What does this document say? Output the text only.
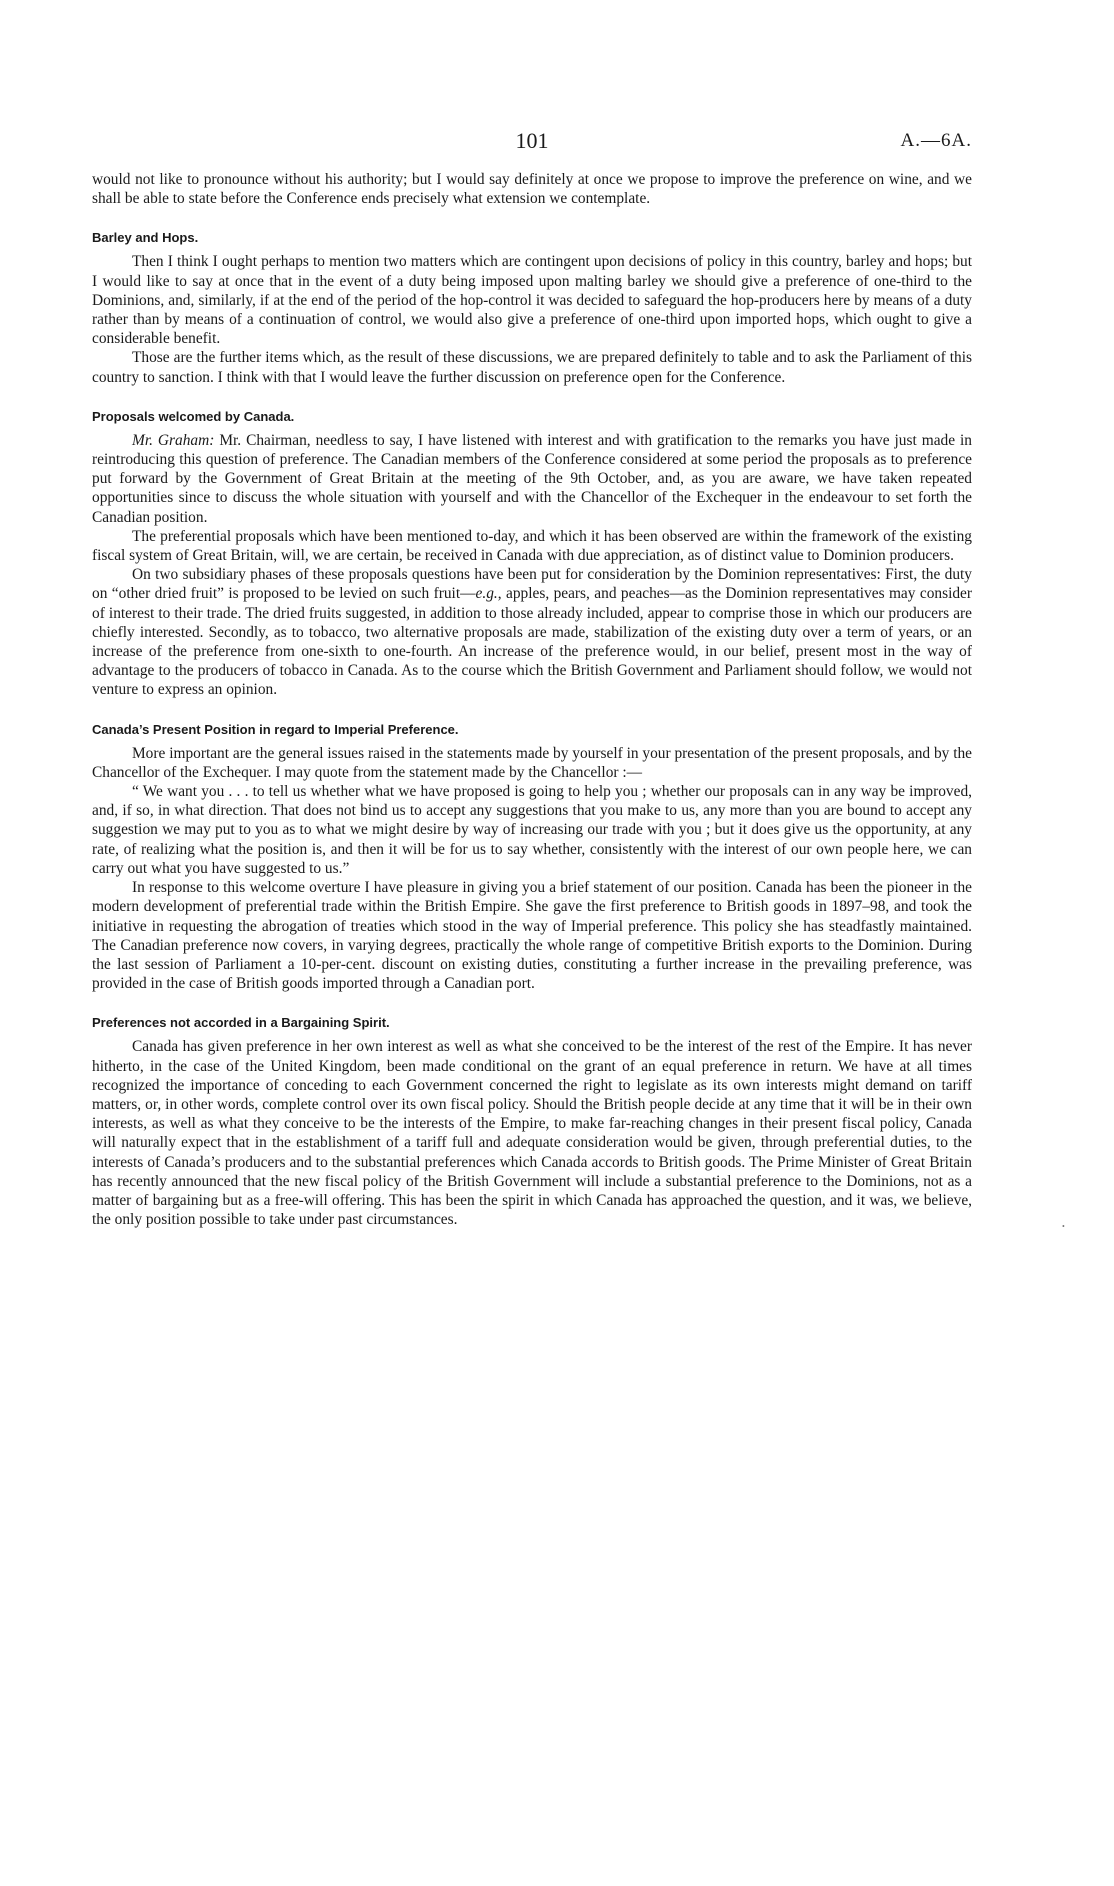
101	A.—6A.

would not like to pronounce without his authority; but I would say definitely at once we propose to improve the preference on wine, and we shall be able to state before the Conference ends precisely what extension we contemplate.

Barley and Hops.

Then I think I ought perhaps to mention two matters which are contingent upon decisions of policy in this country, barley and hops; but I would like to say at once that in the event of a duty being imposed upon malting barley we should give a preference of one-third to the Dominions, and, similarly, if at the end of the period of the hop-control it was decided to safeguard the hop-producers here by means of a duty rather than by means of a continuation of control, we would also give a preference of one-third upon imported hops, which ought to give a considerable benefit.

Those are the further items which, as the result of these discussions, we are prepared definitely to table and to ask the Parliament of this country to sanction. I think with that I would leave the further discussion on preference open for the Conference.

Proposals welcomed by Canada.

Mr. Graham: Mr. Chairman, needless to say, I have listened with interest and with gratification to the remarks you have just made in reintroducing this question of preference. The Canadian members of the Conference considered at some period the proposals as to preference put forward by the Government of Great Britain at the meeting of the 9th October, and, as you are aware, we have taken repeated opportunities since to discuss the whole situation with yourself and with the Chancellor of the Exchequer in the endeavour to set forth the Canadian position.

The preferential proposals which have been mentioned to-day, and which it has been observed are within the framework of the existing fiscal system of Great Britain, will, we are certain, be received in Canada with due appreciation, as of distinct value to Dominion producers.

On two subsidiary phases of these proposals questions have been put for consideration by the Dominion representatives: First, the duty on “other dried fruit” is proposed to be levied on such fruit—e.g., apples, pears, and peaches—as the Dominion representatives may consider of interest to their trade. The dried fruits suggested, in addition to those already included, appear to comprise those in which our producers are chiefly interested. Secondly, as to tobacco, two alternative proposals are made, stabilization of the existing duty over a term of years, or an increase of the preference from one-sixth to one-fourth. An increase of the preference would, in our belief, present most in the way of advantage to the producers of tobacco in Canada. As to the course which the British Government and Parliament should follow, we would not venture to express an opinion.

Canada’s Present Position in regard to Imperial Preference.

More important are the general issues raised in the statements made by yourself in your presentation of the present proposals, and by the Chancellor of the Exchequer. I may quote from the statement made by the Chancellor :—

“ We want you . . . to tell us whether what we have proposed is going to help you ; whether our proposals can in any way be improved, and, if so, in what direction. That does not bind us to accept any suggestions that you make to us, any more than you are bound to accept any suggestion we may put to you as to what we might desire by way of increasing our trade with you ; but it does give us the opportunity, at any rate, of realizing what the position is, and then it will be for us to say whether, consistently with the interest of our own people here, we can carry out what you have suggested to us.”

In response to this welcome overture I have pleasure in giving you a brief statement of our position. Canada has been the pioneer in the modern development of preferential trade within the British Empire. She gave the first preference to British goods in 1897–98, and took the initiative in requesting the abrogation of treaties which stood in the way of Imperial preference. This policy she has steadfastly maintained. The Canadian preference now covers, in varying degrees, practically the whole range of competitive British exports to the Dominion. During the last session of Parliament a 10-per-cent. discount on existing duties, constituting a further increase in the prevailing preference, was provided in the case of British goods imported through a Canadian port.

Preferences not accorded in a Bargaining Spirit.

Canada has given preference in her own interest as well as what she conceived to be the interest of the rest of the Empire. It has never hitherto, in the case of the United Kingdom, been made conditional on the grant of an equal preference in return. We have at all times recognized the importance of conceding to each Government concerned the right to legislate as its own interests might demand on tariff matters, or, in other words, complete control over its own fiscal policy. Should the British people decide at any time that it will be in their own interests, as well as what they conceive to be the interests of the Empire, to make far-reaching changes in their present fiscal policy, Canada will naturally expect that in the establishment of a tariff full and adequate consideration would be given, through preferential duties, to the interests of Canada’s producers and to the substantial preferences which Canada accords to British goods. The Prime Minister of Great Britain has recently announced that the new fiscal policy of the British Government will include a substantial preference to the Dominions, not as a matter of bargaining but as a free-will offering. This has been the spirit in which Canada has approached the question, and it was, we believe, the only position possible to take under past circumstances.	•
